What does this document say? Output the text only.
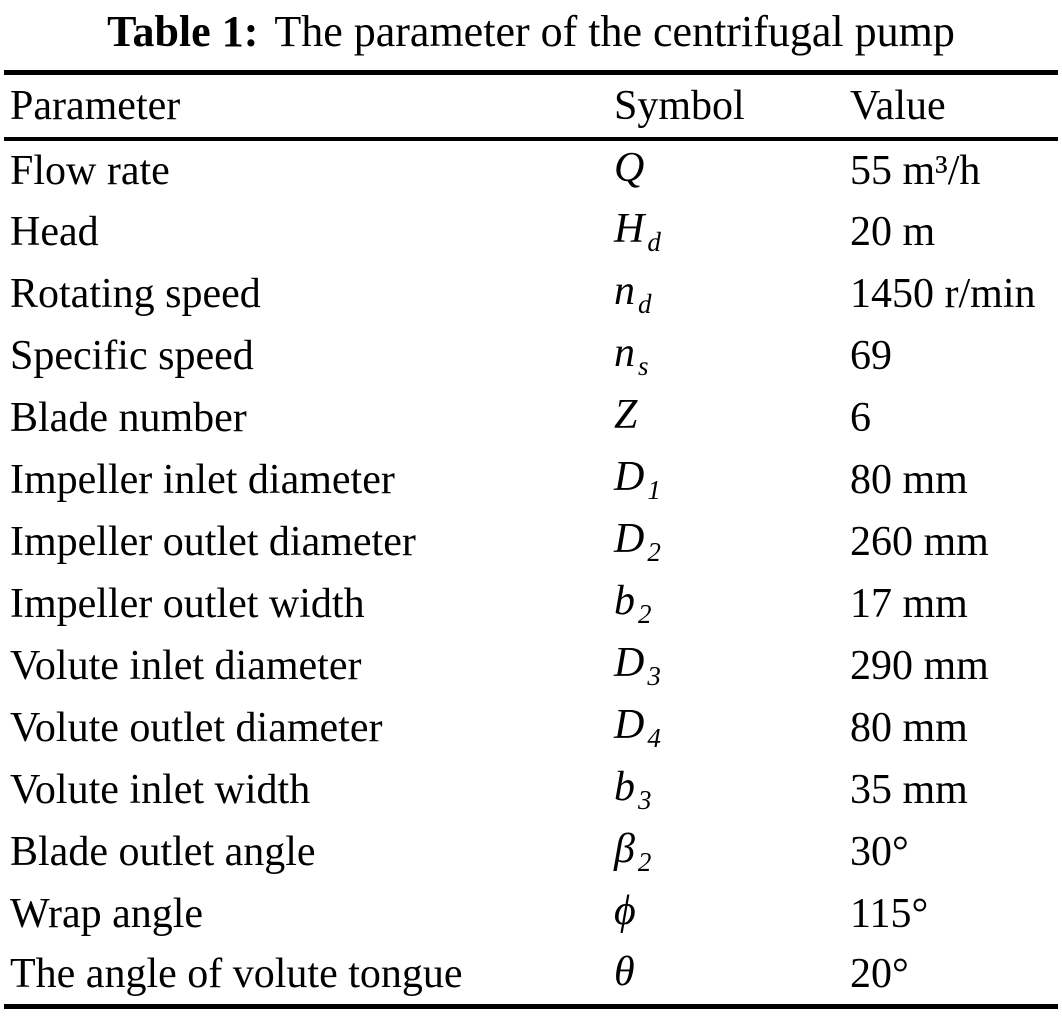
Table 1: The parameter of the centrifugal pump
Parameter	Symbol	Value
Flow rate	Q	55 m³/h
Head	H $_d$	20 m
Rotating speed	n $_d$	1450 r/min
Specific speed	n $_s$	69
Blade number	Z	6
Impeller inlet diameter	D $_1$	80 mm
Impeller outlet diameter	D $_2$	260 mm
Impeller outlet width	b $_2$	17 mm
Volute inlet diameter	D $_3$	290 mm
Volute outlet diameter	D $_4$	80 mm
Volute inlet width	b $_3$	35 mm
Blade outlet angle	β $_2$	30°
Wrap angle	ϕ	115°
The angle of volute tongue	θ	20°
